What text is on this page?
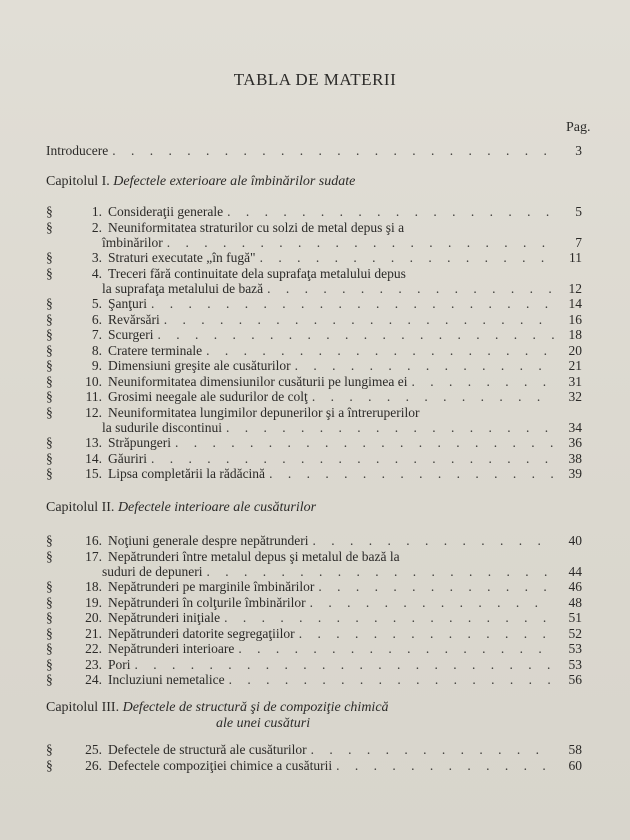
TABLA DE MATERII
Pag.
Introducere . . .	3
Capitolul I. Defectele exterioare ale îmbinărilor sudate
Capitolul II. Defectele interioare ale cusăturilor
Capitolul III. Defectele de structură şi de compoziţie chimică
ale unei cusături
§	1. Consideraţii generale . . .	5
§	2. Neuniformitatea straturilor cu solzi de metal depus şi a
îmbinărilor . . .	7
§	3. Straturi executate „în fugă" . . .	11
§	4. Treceri fără continuitate dela suprafaţa metalului depus
la suprafaţa metalului de bază . . .	12
§	5. Şanţuri . . .	14
§	6. Revărsări . . .	16
§	7. Scurgeri . . .	18
§	8. Cratere terminale . . .	20
§	9. Dimensiuni greşite ale cusăturilor . . .	21
§	10. Neuniformitatea dimensiunilor cusăturii pe lungimea ei . . .	31
§	11. Grosimi neegale ale sudurilor de colţ . . .	32
§	12. Neuniformitatea lungimilor depunerilor şi a întreruperilor
la sudurile discontinui . . .	34
§	13. Străpungeri . . .	36
§	14. Găuriri . . .	38
§	15. Lipsa completării la rădăcină . . .	39
§	16. Noţiuni generale despre nepătrunderi . . .	40
§	17. Nepătrunderi între metalul depus şi metalul de bază la
suduri de depuneri . . .	44
§	18. Nepătrunderi pe marginile îmbinărilor . . .	46
§	19. Nepătrunderi în colţurile îmbinărilor . . .	48
§	20. Nepătrunderi iniţiale . . .	51
§	21. Nepătrunderi datorite segregaţiilor . . .	52
§	22. Nepătrunderi interioare . . .	53
§	23. Pori . . .	53
§	24. Incluziuni nemetalice . . .	56
§	25. Defectele de structură ale cusăturilor . . .	58
§	26. Defectele compoziţiei chimice a cusăturii . . .	60
